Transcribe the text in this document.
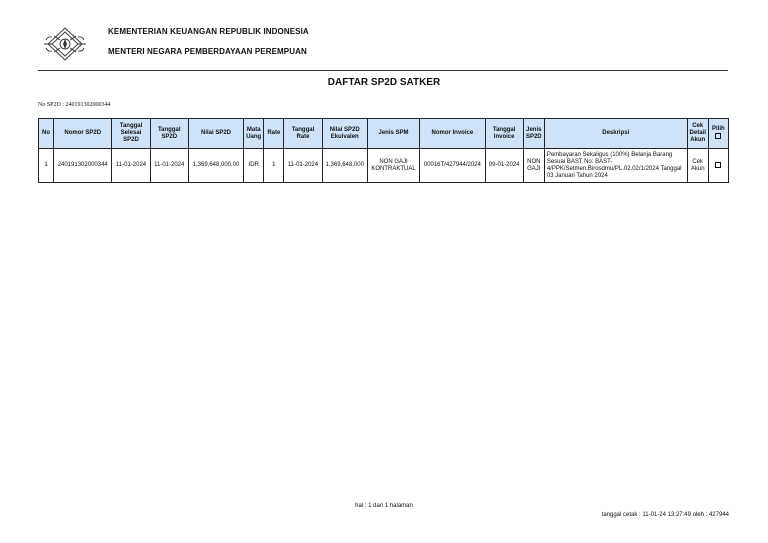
KEMENTERIAN KEUANGAN REPUBLIK INDONESIA
MENTERI NEGARA PEMBERDAYAAN PEREMPUAN
DAFTAR SP2D SATKER
No SP2D : 240191302000344
No	Nomor SP2D	Tanggal Selesai SP2D	Tanggal SP2D	Nilai SP2D	Mata Uang	Rate	Tanggal Rate	Nilai SP2D Ekuivalen	Jenis SPM	Nomor Invoice	Tanggal Invoice	Jenis SP2D	Deskripsi	Cek Detail Akun	Pilih

1	240191302000344	11-01-2024	11-01-2024	1,369,648,000.00	IDR	1	11-01-2024	1,369,648,000	NON GAJI KONTRAKTUAL	00016T/427944/2024	09-01-2024	NON GAJI	Pembayaran Sekaligus (100%) Belanja Barang Sesuai BAST No: BAST-4/PPK/Setmen.Birosdmu/PL.02.02/1/2024 Tanggal 03 Januari Tahun 2024	Cek Akun	
hal : 1 dari 1 halaman
tanggal cetak : 11-01-24 13:27:49 oleh : 427944
